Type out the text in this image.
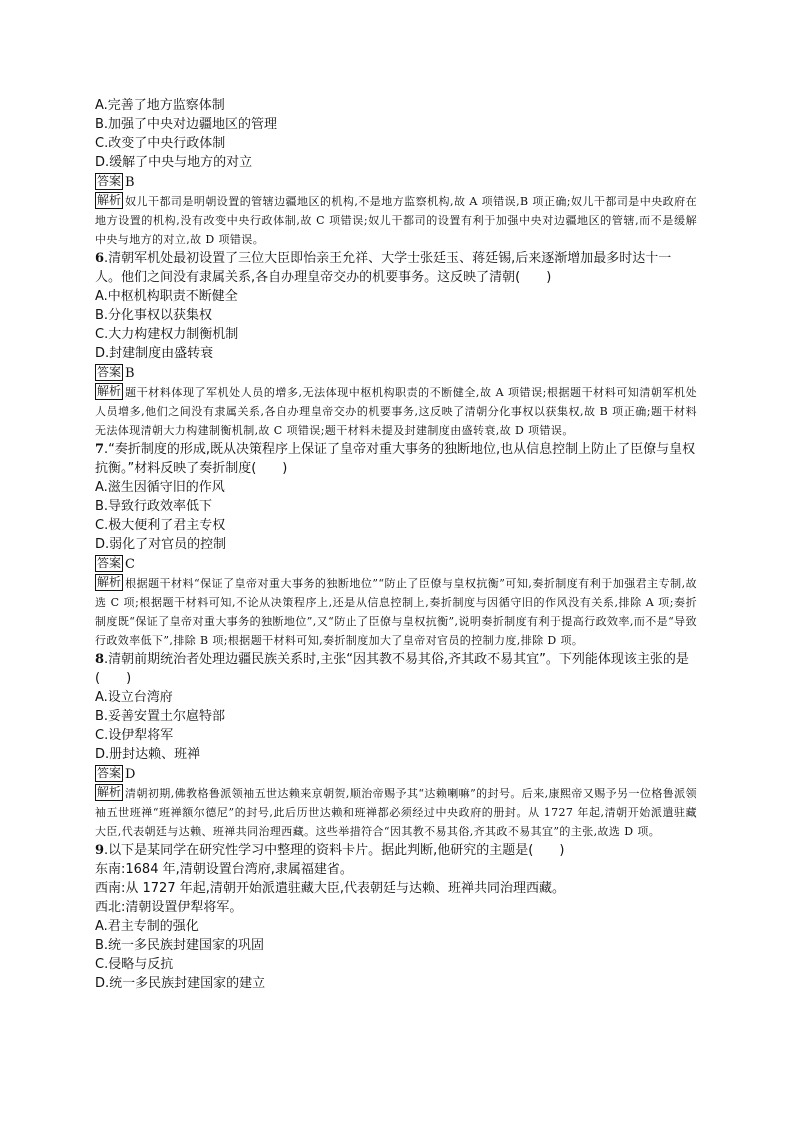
A.完善了地方监察体制

B.加强了中央对边疆地区的管理

C.改变了中央行政体制

D.缓解了中央与地方的对立

答案 B

解析 奴儿干都司是明朝设置的管辖边疆地区的机构,不是地方监察机构,故 A 项错误,B 项正确;奴儿干都司是中央政府在地方设置的机构,没有改变中央行政体制,故 C 项错误;奴儿干都司的设置有利于加强中央对边疆地区的管辖,而不是缓解中央与地方的对立,故 D 项错误。

6.清朝军机处最初设置了三位大臣即怡亲王允祥、大学士张廷玉、蒋廷锡,后来逐渐增加最多时达十一人。他们之间没有隶属关系,各自办理皇帝交办的机要事务。这反映了清朝(　　)

A.中枢机构职责不断健全

B.分化事权以获集权

C.大力构建权力制衡机制

D.封建制度由盛转衰

答案 B

解析 题干材料体现了军机处人员的增多,无法体现中枢机构职责的不断健全,故 A 项错误;根据题干材料可知清朝军机处人员增多,他们之间没有隶属关系,各自办理皇帝交办的机要事务,这反映了清朝分化事权以获集权,故 B 项正确;题干材料无法体现清朝大力构建制衡机制,故 C 项错误;题干材料未提及封建制度由盛转衰,故 D 项错误。

7.“奏折制度的形成,既从决策程序上保证了皇帝对重大事务的独断地位,也从信息控制上防止了臣僚与皇权抗衡。”材料反映了奏折制度(　　)

A.滋生因循守旧的作风

B.导致行政效率低下

C.极大便利了君主专权

D.弱化了对官员的控制

答案 C

解析 根据题干材料“保证了皇帝对重大事务的独断地位”“防止了臣僚与皇权抗衡”可知,奏折制度有利于加强君主专制,故选 C 项;根据题干材料可知,不论从决策程序上,还是从信息控制上,奏折制度与因循守旧的作风没有关系,排除 A 项;奏折制度既“保证了皇帝对重大事务的独断地位”,又“防止了臣僚与皇权抗衡”,说明奏折制度有利于提高行政效率,而不是“导致行政效率低下”,排除 B 项;根据题干材料可知,奏折制度加大了皇帝对官员的控制力度,排除 D 项。

8.清朝前期统治者处理边疆民族关系时,主张“因其教不易其俗,齐其政不易其宜”。下列能体现该主张的是(　　)

A.设立台湾府

B.妥善安置土尔扈特部

C.设伊犁将军

D.册封达赖、班禅

答案 D

解析 清朝初期,佛教格鲁派领袖五世达赖来京朝贺,顺治帝赐予其“达赖喇嘛”的封号。后来,康熙帝又赐予另一位格鲁派领袖五世班禅“班禅额尔德尼”的封号,此后历世达赖和班禅都必须经过中央政府的册封。从 1727 年起,清朝开始派遣驻藏大臣,代表朝廷与达赖、班禅共同治理西藏。这些举措符合“因其教不易其俗,齐其政不易其宜”的主张,故选 D 项。

9.以下是某同学在研究性学习中整理的资料卡片。据此判断,他研究的主题是(　　)

东南:1684 年,清朝设置台湾府,隶属福建省。

西南:从 1727 年起,清朝开始派遣驻藏大臣,代表朝廷与达赖、班禅共同治理西藏。

西北:清朝设置伊犁将军。

A.君主专制的强化

B.统一多民族封建国家的巩固

C.侵略与反抗

D.统一多民族封建国家的建立
